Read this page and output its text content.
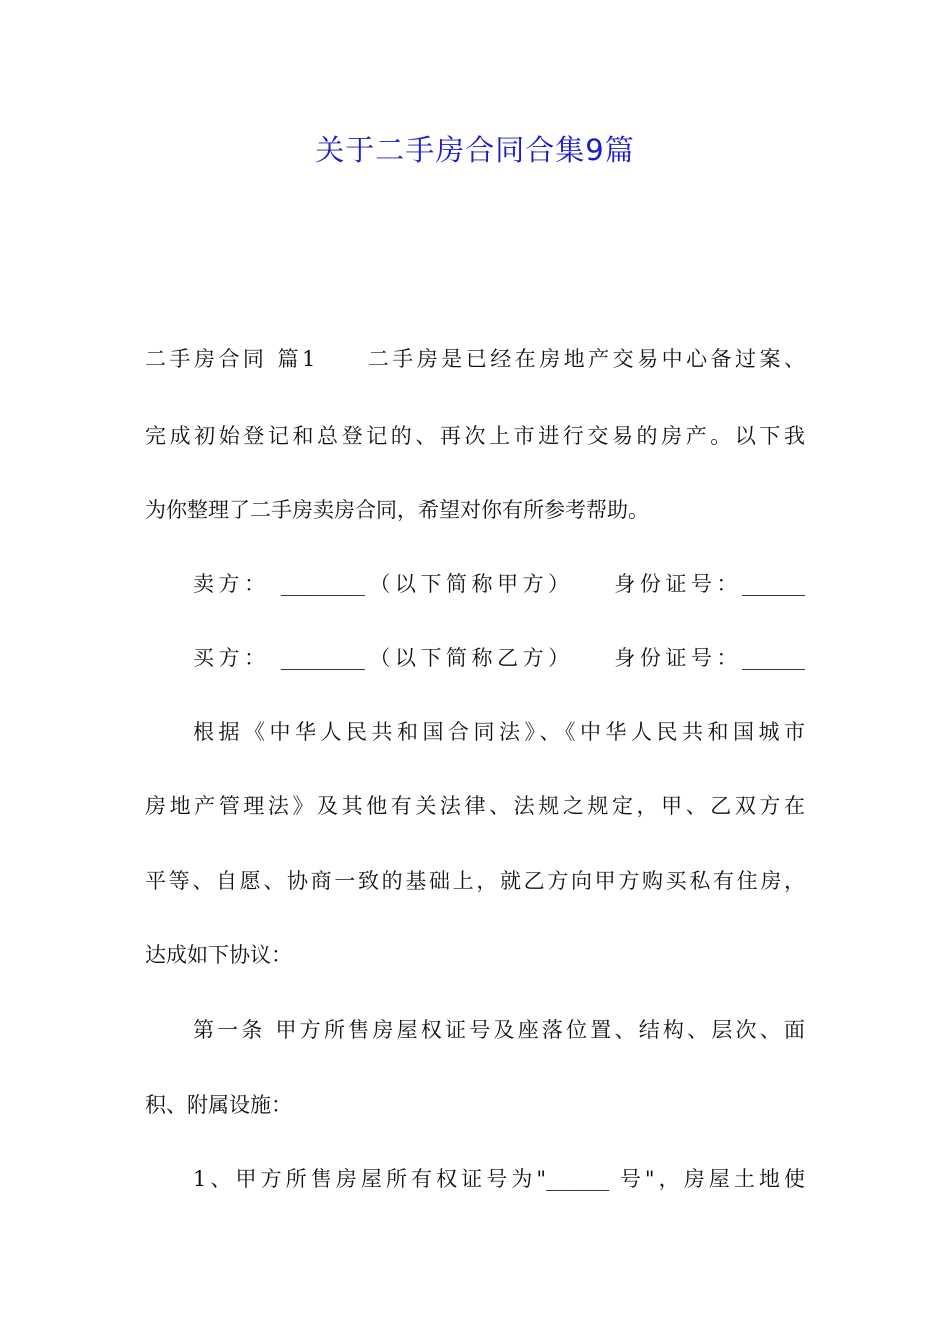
关于二手房合同合集9篇

二手房合同 篇1　　二手房是已经在房地产交易中心备过案、

完成初始登记和总登记的、再次上市进行交易的房产。以下我

为你整理了二手房卖房合同，希望对你有所参考帮助。

卖方： ________（以下简称甲方）　　身份证号：______

买方： ________（以下简称乙方）　　身份证号：______

根据《中华人民共和国合同法》、《中华人民共和国城市

房地产管理法》及其他有关法律、法规之规定，甲、乙双方在

平等、自愿、协商一致的基础上，就乙方向甲方购买私有住房，

达成如下协议：

第一条 甲方所售房屋权证号及座落位置、结构、层次、面

积、附属设施：

1、甲方所售房屋所有权证号为"______ 号"，房屋土地使
